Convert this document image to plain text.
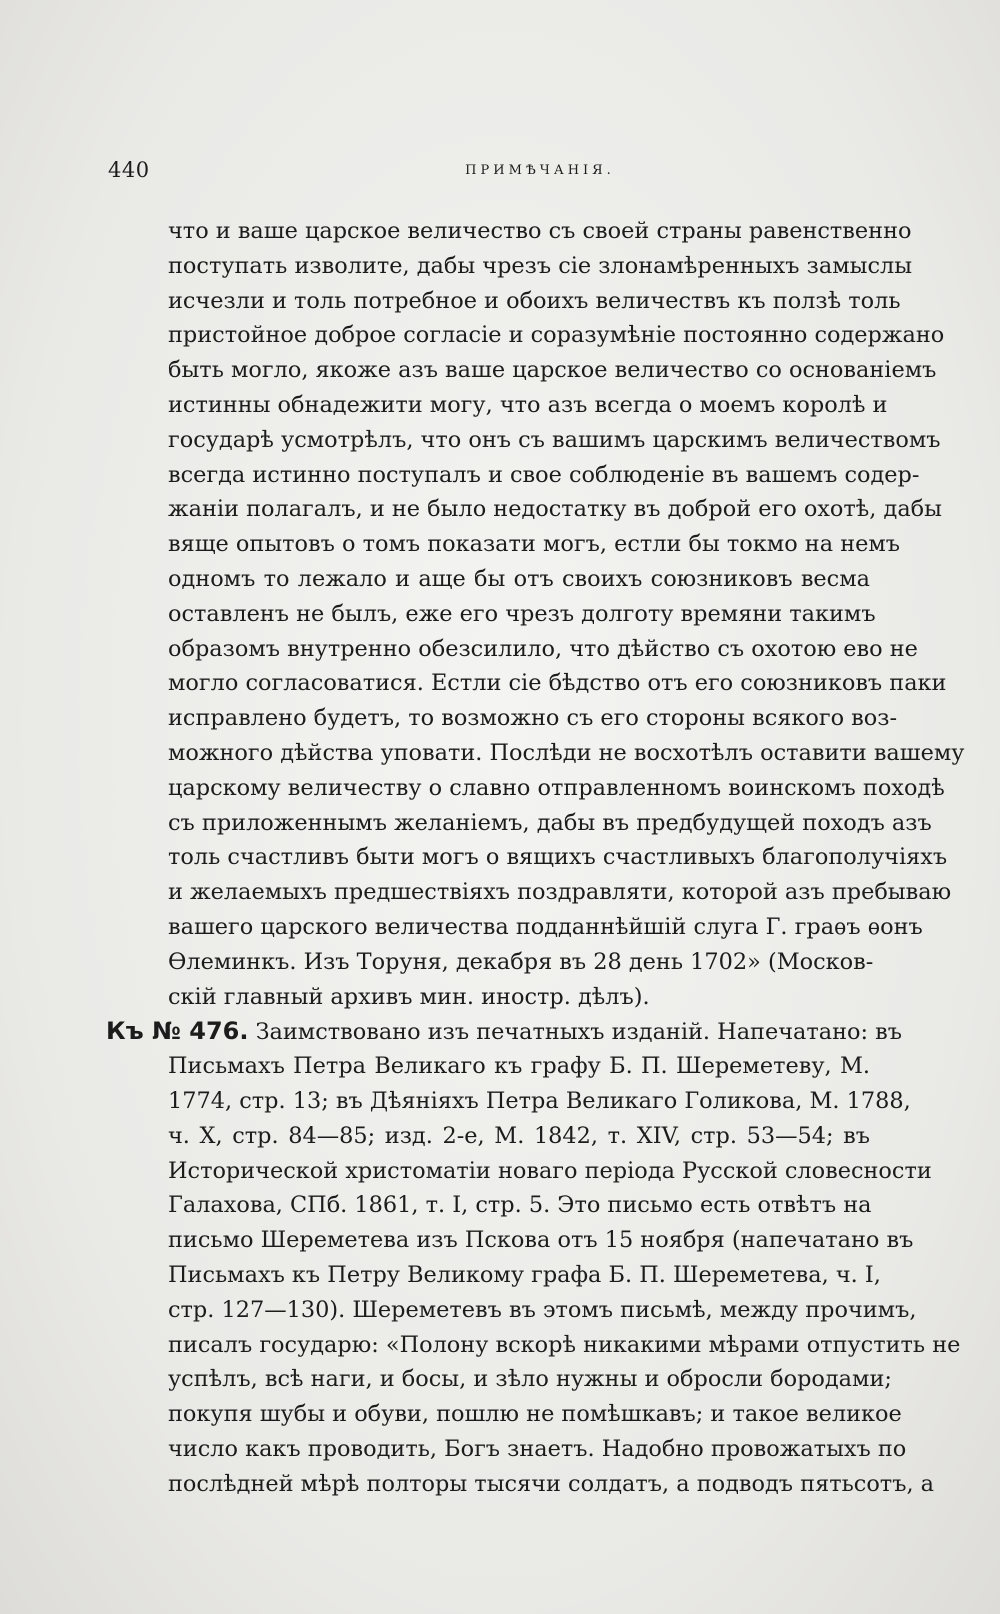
440	ПРИМѢЧАНІЯ.
что и ваше царское величество съ своей страны равенственно
поступать изволите, дабы чрезъ сіе злонамѣренныхъ замыслы
исчезли и толь потребное и обоихъ величествъ къ ползѣ толь
пристойное доброе согласіе и соразумѣніе постоянно содержано
быть могло, якоже азъ ваше царское величество со основаніемъ
истинны обнадежити могу, что азъ всегда о моемъ королѣ и
государѣ усмотрѣлъ, что онъ съ вашимъ царскимъ величествомъ
всегда истинно поступалъ и свое соблюденіе въ вашемъ содер-
жаніи полагалъ, и не было недостатку въ доброй его охотѣ, дабы
вяще опытовъ о томъ показати могъ, естли бы токмо на немъ
одномъ то лежало и аще бы отъ своихъ союзниковъ весма
оставленъ не былъ, еже его чрезъ долготу времяни такимъ
образомъ внутренно обезсилило, что дѣйство съ охотою ево не
могло согласоватися. Естли сіе бѣдство отъ его союзниковъ паки
исправлено будетъ, то возможно съ его стороны всякого воз-
можного дѣйства уповати. Послѣди не восхотѣлъ оставити вашему
царскому величеству о славно отправленномъ воинскомъ походѣ
съ приложеннымъ желаніемъ, дабы въ предбудущей походъ азъ
толь счастливъ быти могъ о вящихъ счастливыхъ благополучіяхъ
и желаемыхъ предшествіяхъ поздравляти, которой азъ пребываю
вашего царского величества подданнѣйшій слуга Г. граѳъ ѳонъ
Ѳлеминкъ. Изъ Торуня, декабря въ 28 день 1702» (Москов-
скій главный архивъ мин. иностр. дѣлъ).
Къ № 476. Заимствовано изъ печатныхъ изданій. Напечатано: въ
Письмахъ Петра Великаго къ графу Б. П. Шереметеву, М.
1774, стр. 13; въ Дѣяніяхъ Петра Великаго Голикова, М. 1788,
ч. X, стр. 84—85; изд. 2-е, М. 1842, т. XIV, стр. 53—54; въ
Исторической христоматіи новаго періода Русской словесности
Галахова, СПб. 1861, т. I, стр. 5. Это письмо есть отвѣтъ на
письмо Шереметева изъ Пскова отъ 15 ноября (напечатано въ
Письмахъ къ Петру Великому графа Б. П. Шереметева, ч. I,
стр. 127—130). Шереметевъ въ этомъ письмѣ, между прочимъ,
писалъ государю: «Полону вскорѣ никакими мѣрами отпустить не
успѣлъ, всѣ наги, и босы, и зѣло нужны и обросли бородами;
покупя шубы и обуви, пошлю не помѣшкавъ; и такое великое
число какъ проводить, Богъ знаетъ. Надобно провожатыхъ по
послѣдней мѣрѣ полторы тысячи солдатъ, а подводъ пятьсотъ, а
